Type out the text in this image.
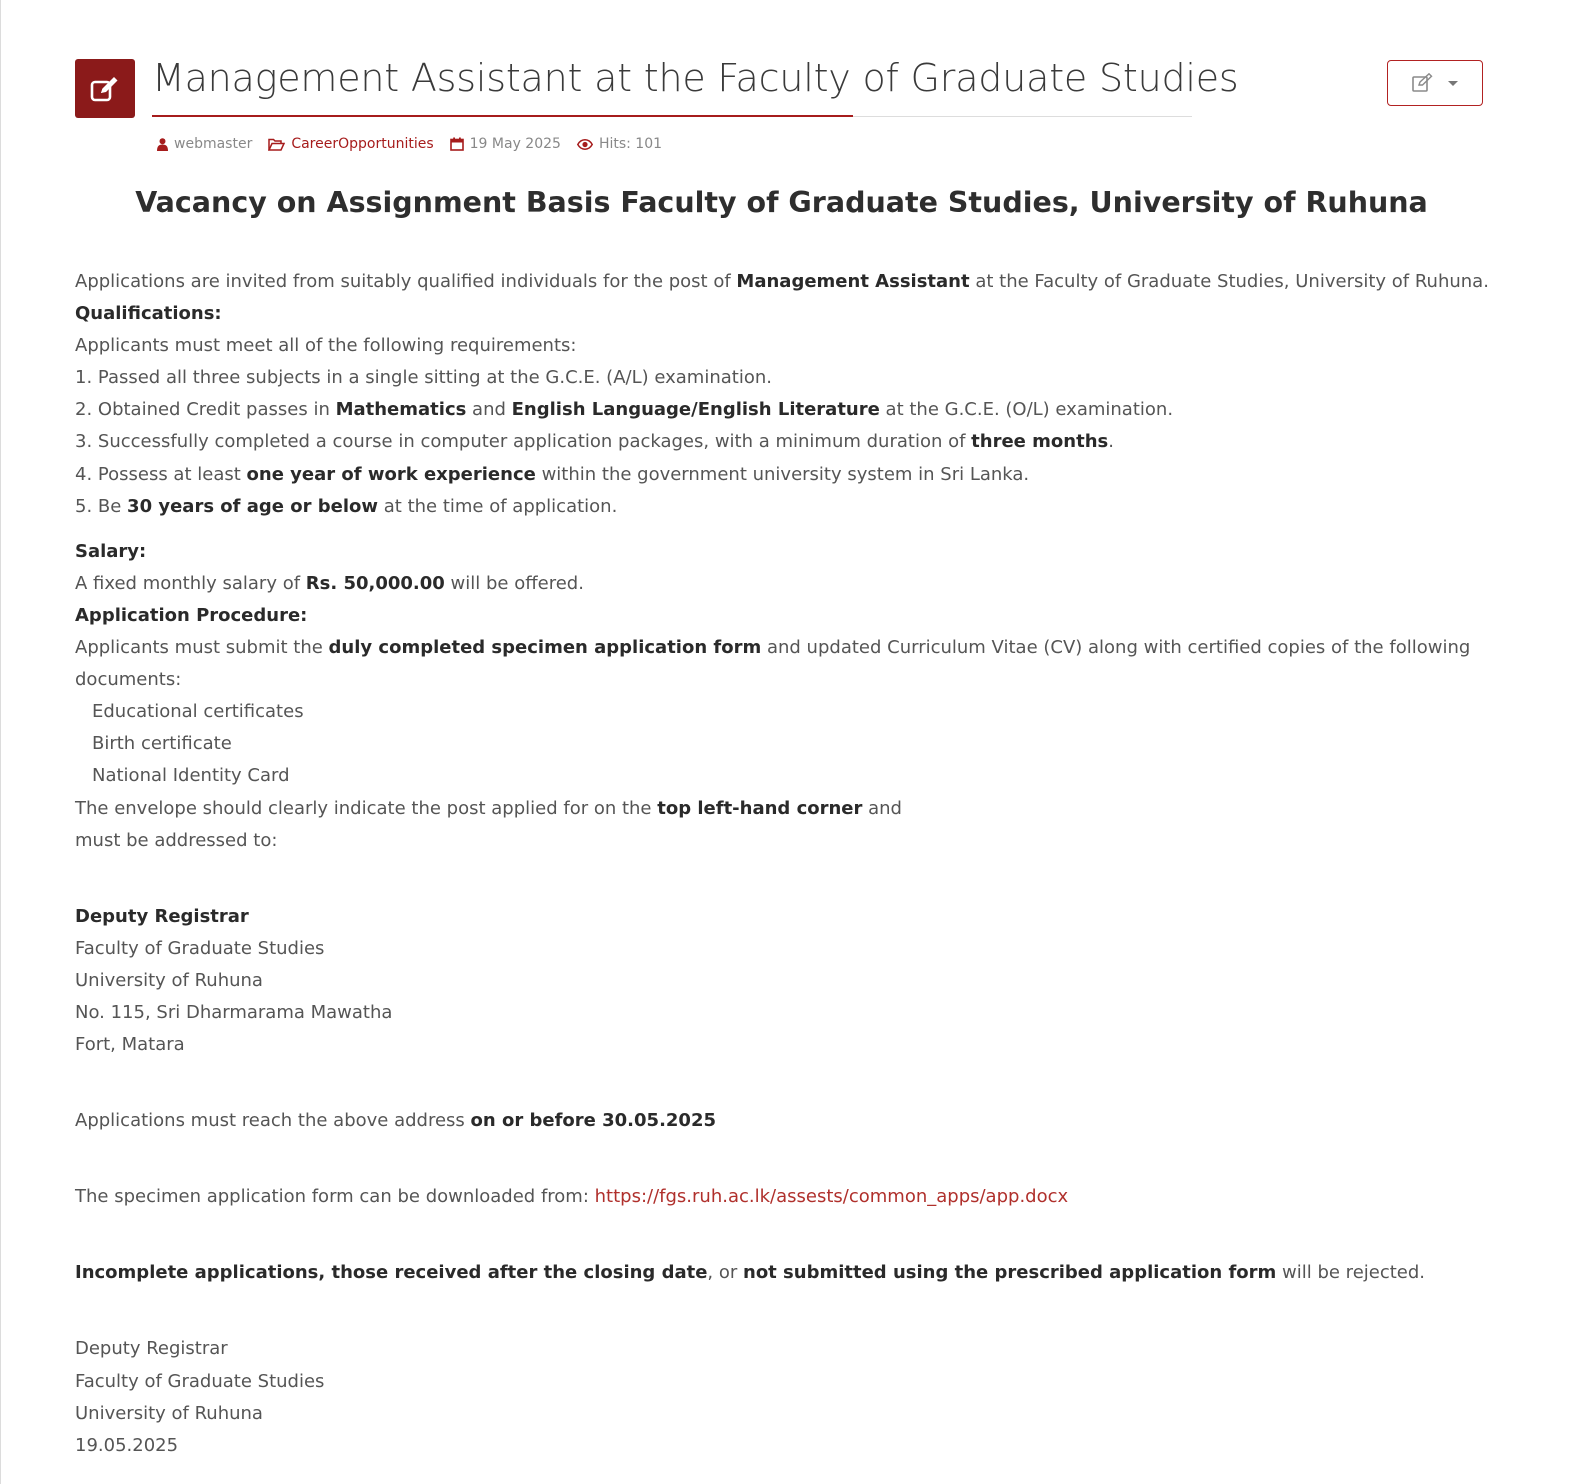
Management Assistant at the Faculty of Graduate Studies
webmaster	CareerOpportunities	19 May 2025	Hits: 101
Vacancy on Assignment Basis Faculty of Graduate Studies, University of Ruhuna

Applications are invited from suitably qualified individuals for the post of Management Assistant at the Faculty of Graduate Studies, University of Ruhuna.

Qualifications:

Applicants must meet all of the following requirements:

1. Passed all three subjects in a single sitting at the G.C.E. (A/L) examination.

2. Obtained Credit passes in Mathematics and English Language/English Literature at the G.C.E. (O/L) examination.

3. Successfully completed a course in computer application packages, with a minimum duration of three months.

4. Possess at least one year of work experience within the government university system in Sri Lanka.

5. Be 30 years of age or below at the time of application.

Salary:

A fixed monthly salary of Rs. 50,000.00 will be offered.

Application Procedure:

Applicants must submit the duly completed specimen application form and updated Curriculum Vitae (CV) along with certified copies of the following documents:

Educational certificates

Birth certificate

National Identity Card

The envelope should clearly indicate the post applied for on the top left-hand corner and

must be addressed to:

Deputy Registrar

Faculty of Graduate Studies

University of Ruhuna

No. 115, Sri Dharmarama Mawatha

Fort, Matara

Applications must reach the above address on or before 30.05.2025

The specimen application form can be downloaded from: https://fgs.ruh.ac.lk/assests/common_apps/app.docx

Incomplete applications, those received after the closing date, or not submitted using the prescribed application form will be rejected.

Deputy Registrar

Faculty of Graduate Studies

University of Ruhuna

19.05.2025
